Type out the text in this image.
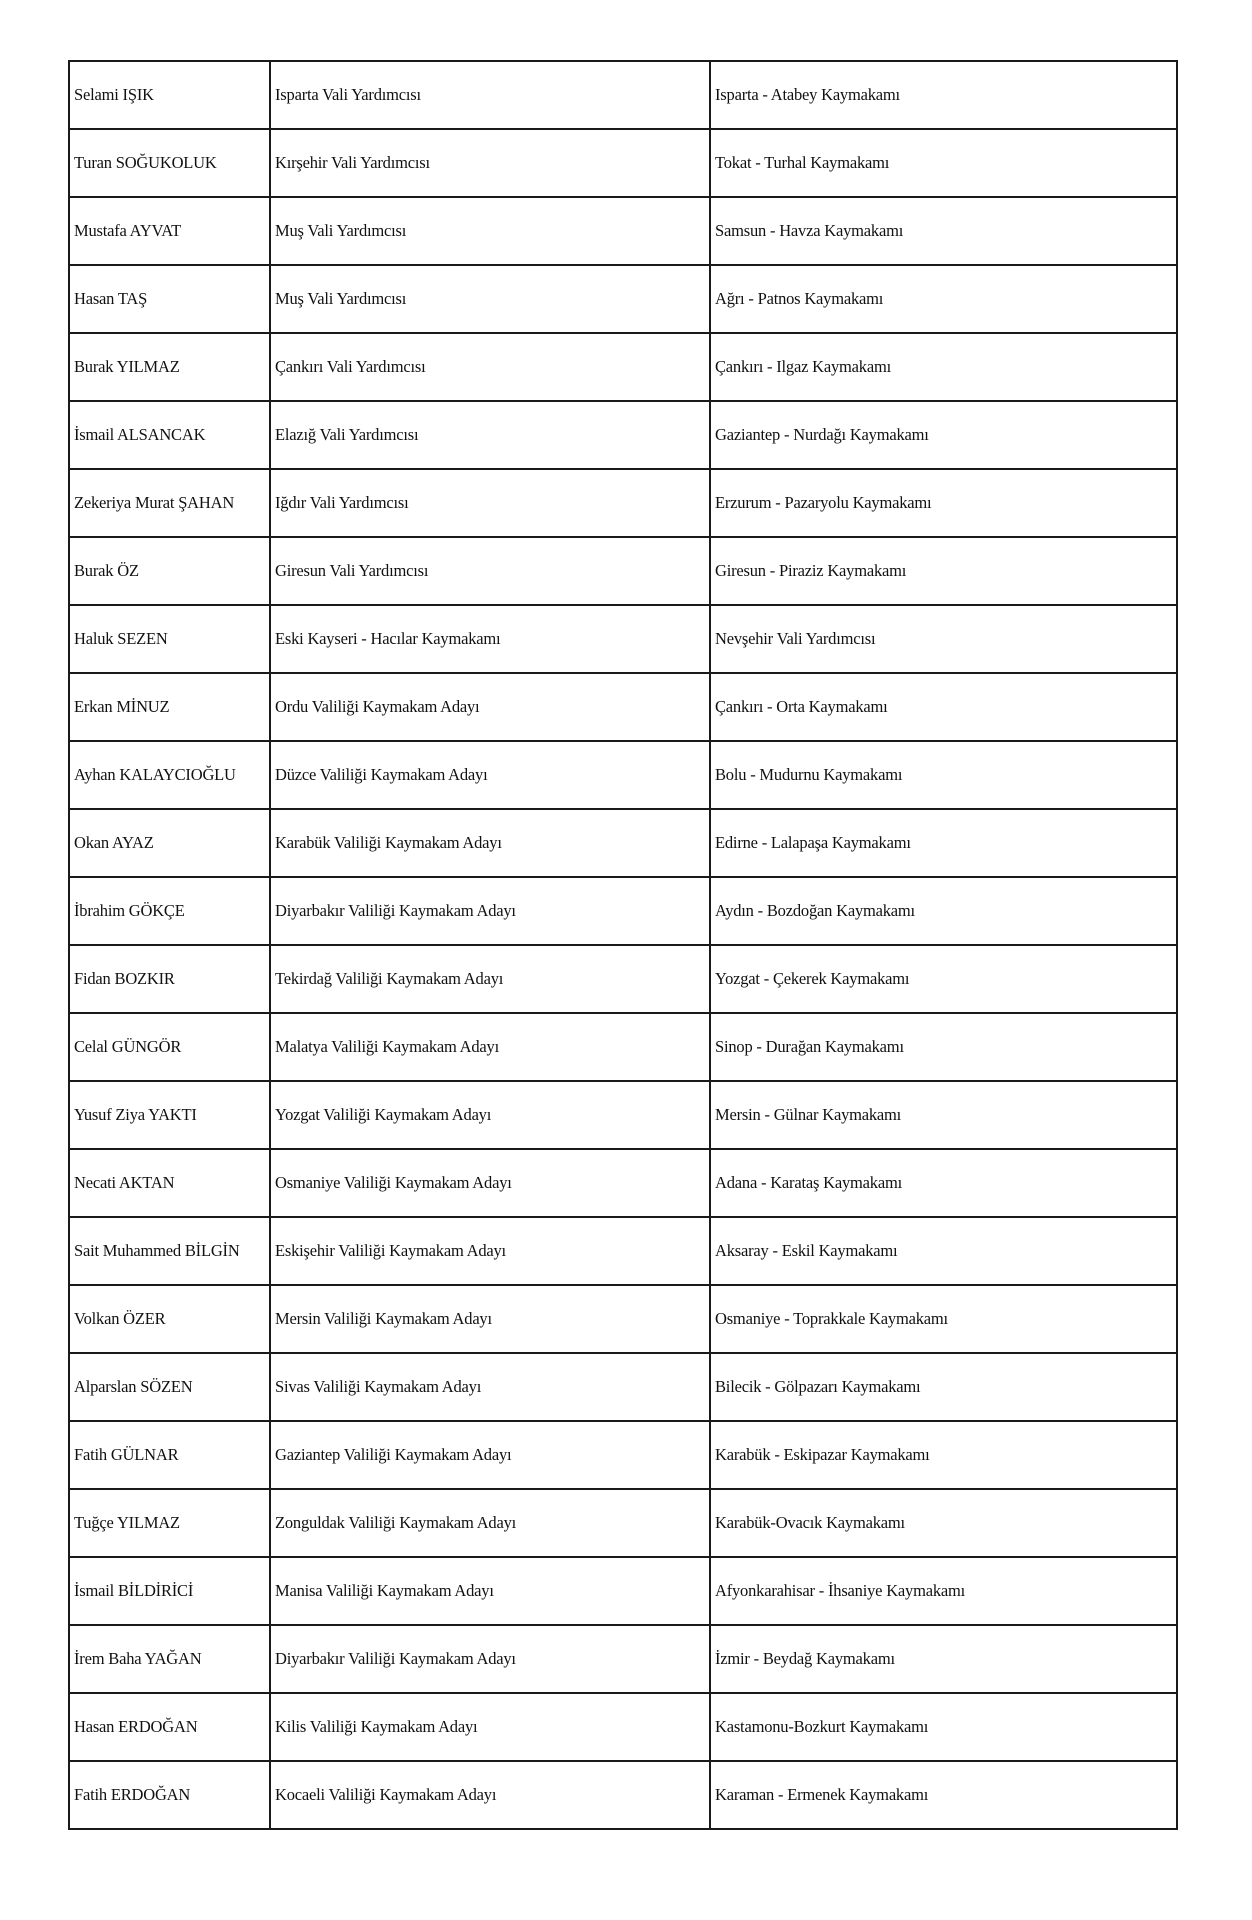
Selami IŞIK	Isparta Vali Yardımcısı	Isparta - Atabey Kaymakamı
Turan SOĞUKOLUK	Kırşehir Vali Yardımcısı	Tokat - Turhal Kaymakamı
Mustafa AYVAT	Muş Vali Yardımcısı	Samsun - Havza Kaymakamı
Hasan TAŞ	Muş Vali Yardımcısı	Ağrı - Patnos Kaymakamı
Burak YILMAZ	Çankırı Vali Yardımcısı	Çankırı - Ilgaz Kaymakamı
İsmail ALSANCAK	Elazığ Vali Yardımcısı	Gaziantep - Nurdağı Kaymakamı
Zekeriya Murat ŞAHAN	Iğdır Vali Yardımcısı	Erzurum - Pazaryolu Kaymakamı
Burak ÖZ	Giresun Vali Yardımcısı	Giresun - Piraziz Kaymakamı
Haluk SEZEN	Eski Kayseri - Hacılar Kaymakamı	Nevşehir Vali Yardımcısı
Erkan MİNUZ	Ordu Valiliği Kaymakam Adayı	Çankırı - Orta Kaymakamı
Ayhan KALAYCIOĞLU	Düzce Valiliği Kaymakam Adayı	Bolu - Mudurnu Kaymakamı
Okan AYAZ	Karabük Valiliği Kaymakam Adayı	Edirne - Lalapaşa Kaymakamı
İbrahim GÖKÇE	Diyarbakır Valiliği Kaymakam Adayı	Aydın - Bozdoğan Kaymakamı
Fidan BOZKIR	Tekirdağ Valiliği Kaymakam Adayı	Yozgat - Çekerek Kaymakamı
Celal GÜNGÖR	Malatya Valiliği Kaymakam Adayı	Sinop - Durağan Kaymakamı
Yusuf Ziya YAKTI	Yozgat Valiliği Kaymakam Adayı	Mersin - Gülnar Kaymakamı
Necati AKTAN	Osmaniye Valiliği Kaymakam Adayı	Adana - Karataş Kaymakamı
Sait Muhammed BİLGİN	Eskişehir Valiliği Kaymakam Adayı	Aksaray - Eskil Kaymakamı
Volkan ÖZER	Mersin Valiliği Kaymakam Adayı	Osmaniye - Toprakkale Kaymakamı
Alparslan SÖZEN	Sivas Valiliği Kaymakam Adayı	Bilecik - Gölpazarı Kaymakamı
Fatih GÜLNAR	Gaziantep Valiliği Kaymakam Adayı	Karabük - Eskipazar Kaymakamı
Tuğçe YILMAZ	Zonguldak Valiliği Kaymakam Adayı	Karabük-Ovacık Kaymakamı
İsmail BİLDİRİCİ	Manisa Valiliği Kaymakam Adayı	Afyonkarahisar - İhsaniye Kaymakamı
İrem Baha YAĞAN	Diyarbakır Valiliği Kaymakam Adayı	İzmir - Beydağ Kaymakamı
Hasan ERDOĞAN	Kilis Valiliği Kaymakam Adayı	Kastamonu-Bozkurt Kaymakamı
Fatih ERDOĞAN	Kocaeli Valiliği Kaymakam Adayı	Karaman - Ermenek Kaymakamı
